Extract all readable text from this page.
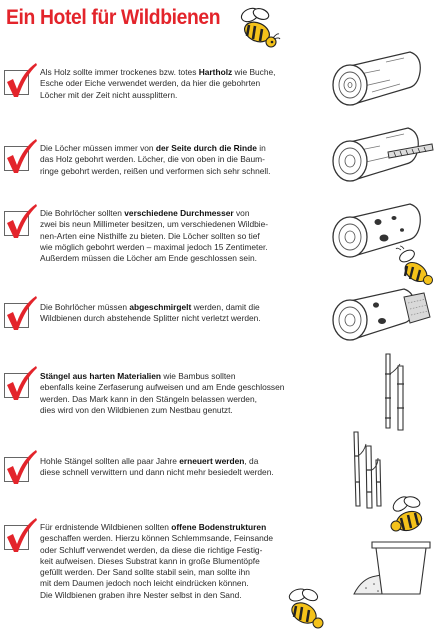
Ein Hotel für Wildbienen
Als Holz sollte immer trockenes bzw. totes Hartholz wie Buche,
Esche oder Eiche verwendet werden, da hier die gebohrten
Löcher mit der Zeit nicht aussplittern.
Die Löcher müssen immer von der Seite durch die Rinde in
das Holz gebohrt werden. Löcher, die von oben in die Baum-
ringe gebohrt werden, reißen und verformen sich sehr schnell.
Die Bohrlöcher sollten verschiedene Durchmesser von
zwei bis neun Millimeter besitzen, um verschiedenen Wildbie-
nen-Arten eine Nisthilfe zu bieten. Die Löcher sollten so tief
wie möglich gebohrt werden – maximal jedoch 15 Zentimeter.
Außerdem müssen die Löcher am Ende geschlossen sein.
Die Bohrlöcher müssen abgeschmirgelt werden, damit die
Wildbienen durch abstehende Splitter nicht verletzt werden.
Stängel aus harten Materialien wie Bambus sollten
ebenfalls keine Zerfaserung aufweisen und am Ende geschlossen
werden. Das Mark kann in den Stängeln belassen werden,
dies wird von den Wildbienen zum Nestbau genutzt.
Hohle Stängel sollten alle paar Jahre erneuert werden, da
diese schnell verwittern und dann nicht mehr besiedelt werden.
Für erdnistende Wildbienen sollten offene Bodenstrukturen
geschaffen werden. Hierzu können Schlemmsande, Feinsande
oder Schluff verwendet werden, da diese die richtige Festig-
keit aufweisen. Dieses Substrat kann in große Blumentöpfe
gefüllt werden. Der Sand sollte stabil sein, man sollte ihn
mit dem Daumen jedoch noch leicht eindrücken können.
Die Wildbienen graben ihre Nester selbst in den Sand.
